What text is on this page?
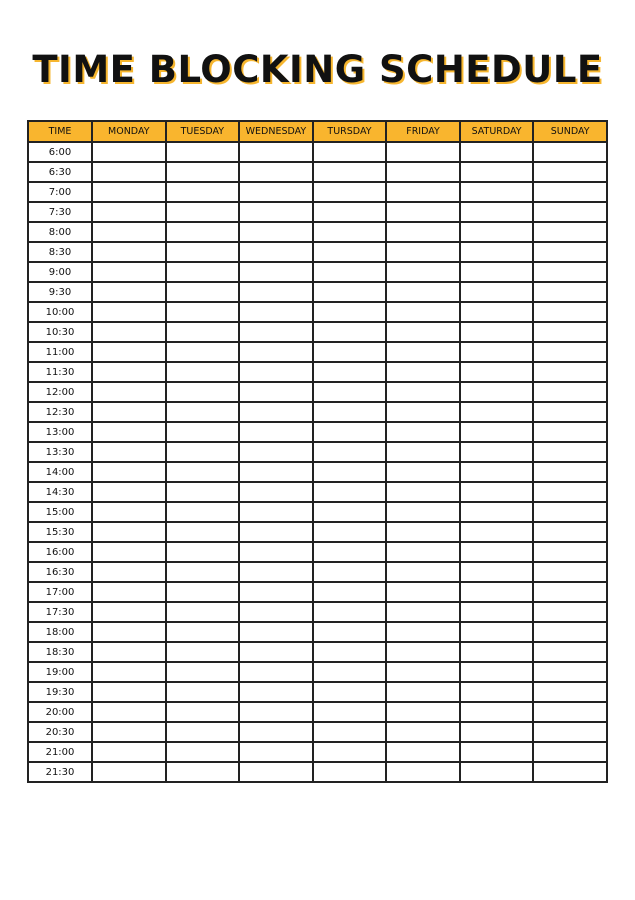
TIME BLOCKING SCHEDULE
TIME	MONDAY	TUESDAY	WEDNESDAY	TURSDAY	FRIDAY	SATURDAY	SUNDAY
6:00							
6:30							
7:00							
7:30							
8:00							
8:30							
9:00							
9:30							
10:00							
10:30							
11:00							
11:30							
12:00							
12:30							
13:00							
13:30							
14:00							
14:30							
15:00							
15:30							
16:00							
16:30							
17:00							
17:30							
18:00							
18:30							
19:00							
19:30							
20:00							
20:30							
21:00							
21:30							
